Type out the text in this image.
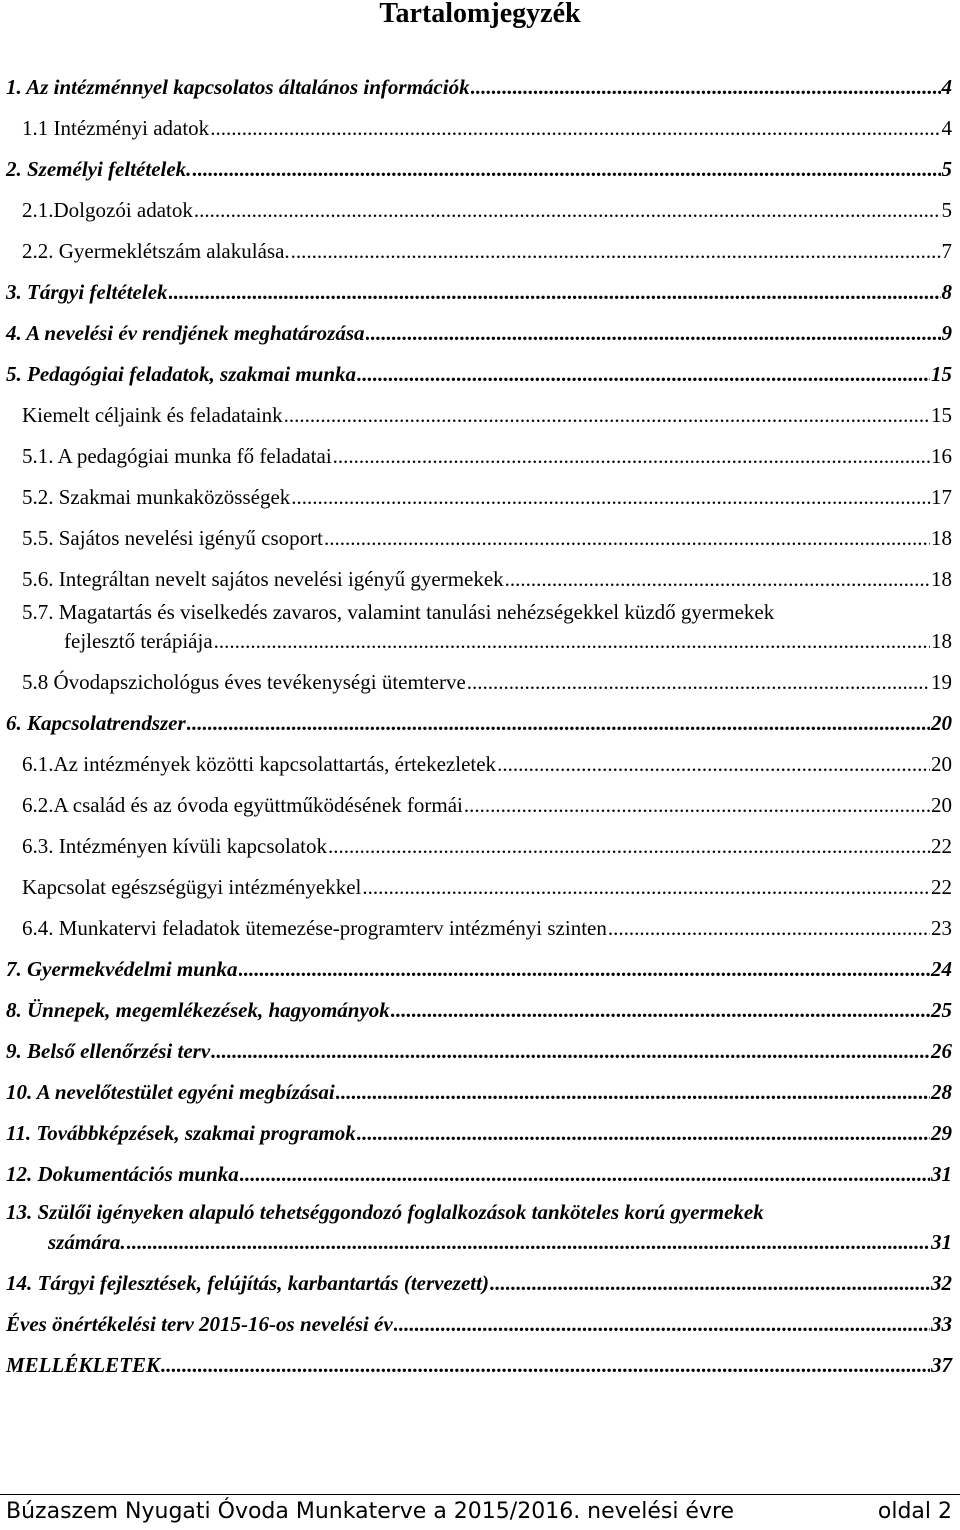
Tartalomjegyzék
1. Az intézménnyel kapcsolatos általános információk .....	4
1.1 Intézményi adatok .....	4
2. Személyi feltételek. .....	5
2.1.Dolgozói adatok .....	5
2.2. Gyermeklétszám alakulása. .....	7
3. Tárgyi feltételek .....	8
4. A nevelési év rendjének meghatározása .....	9
5. Pedagógiai feladatok, szakmai munka .....	15
Kiemelt céljaink és feladataink .....	15
5.1. A pedagógiai munka fő feladatai .....	16
5.2. Szakmai munkaközösségek .....	17
5.5. Sajátos nevelési igényű csoport .....	18
5.6. Integráltan nevelt sajátos nevelési igényű gyermekek .....	18
5.7. Magatartás és viselkedés zavaros, valamint tanulási nehézségekkel küzdő gyermekek
fejlesztő terápiája .....	18
5.8 Óvodapszichológus éves tevékenységi ütemterve .....	19
6. Kapcsolatrendszer .....	20
6.1.Az intézmények közötti kapcsolattartás, értekezletek .....	20
6.2.A család és az óvoda együttműködésének formái .....	20
6.3. Intézményen kívüli kapcsolatok .....	22
Kapcsolat egészségügyi intézményekkel .....	22
6.4. Munkatervi feladatok ütemezése-programterv intézményi szinten .....	23
7. Gyermekvédelmi munka .....	24
8. Ünnepek, megemlékezések, hagyományok .....	25
9. Belső ellenőrzési terv .....	26
10. A nevelőtestület egyéni megbízásai .....	28
11. Továbbképzések, szakmai programok .....	29
12. Dokumentációs munka .....	31
13. Szülői igényeken alapuló tehetséggondozó foglalkozások tanköteles korú gyermekek
számára. .....	31
14. Tárgyi fejlesztések, felújítás, karbantartás (tervezett) .....	32
Éves önértékelési terv 2015-16-os nevelési év .....	33
MELLÉKLETEK .....	37
Búzaszem Nyugati Óvoda Munkaterve a 2015/2016. nevelési évre	oldal 2
